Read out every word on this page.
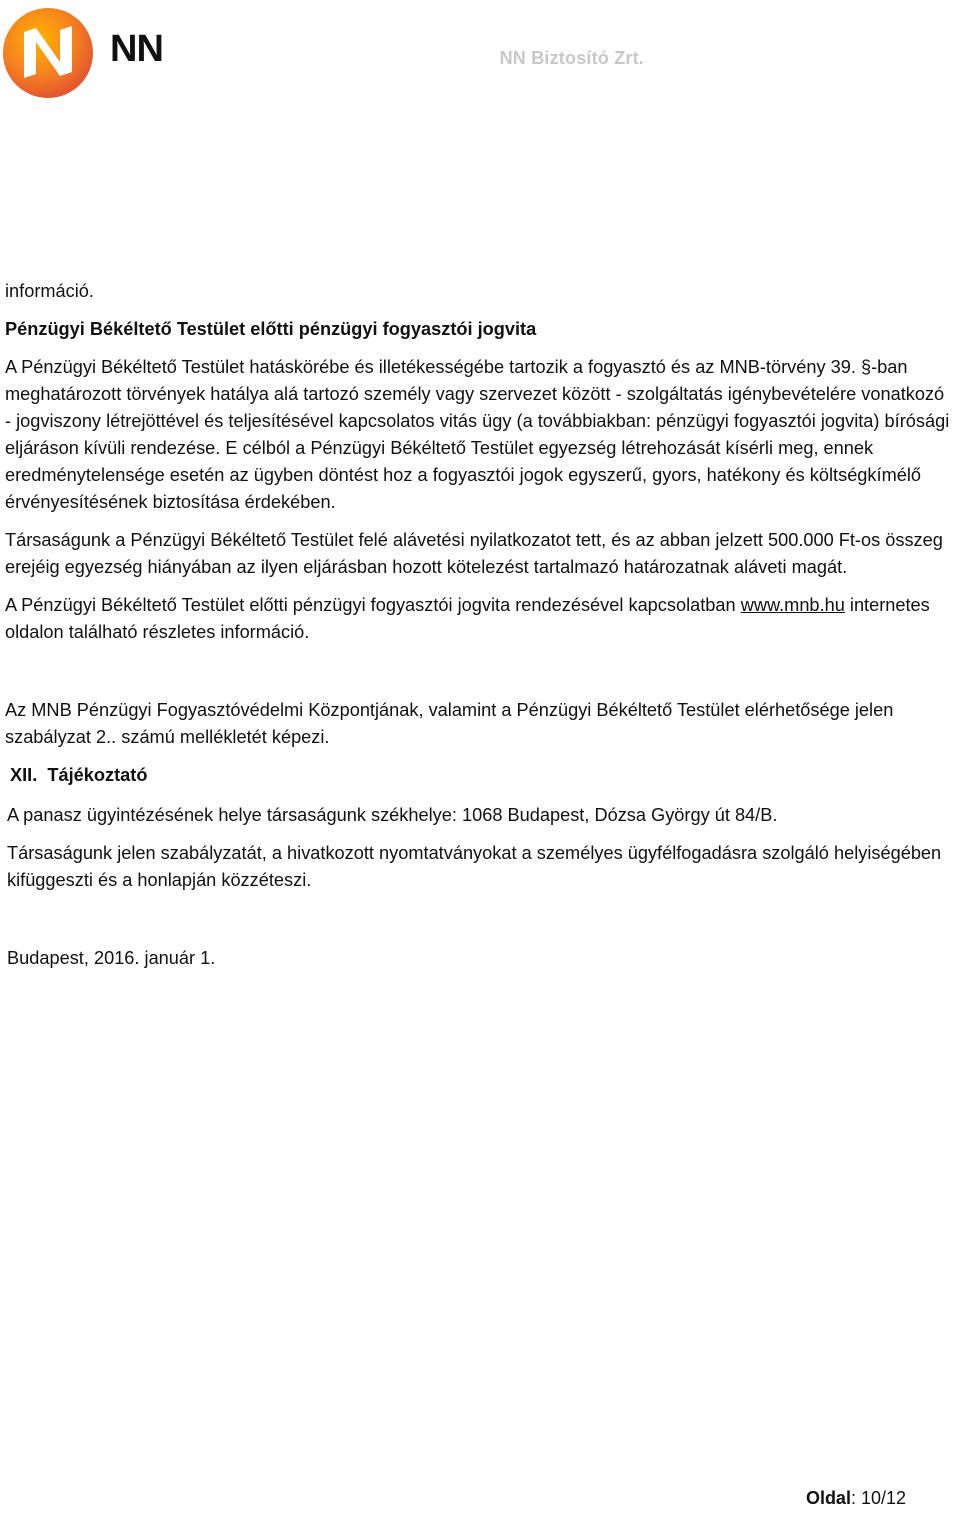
NN	NN Biztosító Zrt.

információ.

Pénzügyi Békéltető Testület előtti pénzügyi fogyasztói jogvita

A Pénzügyi Békéltető Testület hatáskörébe és illetékességébe tartozik a fogyasztó és az MNB-törvény 39. §-ban meghatározott törvények hatálya alá tartozó személy vagy szervezet között - szolgáltatás igénybevételére vonatkozó - jogviszony létrejöttével és teljesítésével kapcsolatos vitás ügy (a továbbiakban: pénzügyi fogyasztói jogvita) bírósági eljáráson kívüli rendezése. E célból a Pénzügyi Békéltető Testület egyezség létrehozását kísérli meg, ennek eredménytelensége esetén az ügyben döntést hoz a fogyasztói jogok egyszerű, gyors, hatékony és költségkímélő érvényesítésének biztosítása érdekében.

Társaságunk a Pénzügyi Békéltető Testület felé alávetési nyilatkozatot tett, és az abban jelzett 500.000 Ft-os összeg erejéig egyezség hiányában az ilyen eljárásban hozott kötelezést tartalmazó határozatnak aláveti magát.

A Pénzügyi Békéltető Testület előtti pénzügyi fogyasztói jogvita rendezésével kapcsolatban www.mnb.hu internetes oldalon található részletes információ.

Az MNB Pénzügyi Fogyasztóvédelmi Központjának, valamint a Pénzügyi Békéltető Testület elérhetősége jelen szabályzat 2.. számú mellékletét képezi.

XII. Tájékoztató

A panasz ügyintézésének helye társaságunk székhelye: 1068 Budapest, Dózsa György út 84/B.

Társaságunk jelen szabályzatát, a hivatkozott nyomtatványokat a személyes ügyfélfogadásra szolgáló helyiségében kifüggeszti és a honlapján közzéteszi.

Budapest, 2016. január 1.

Oldal: 10/12
